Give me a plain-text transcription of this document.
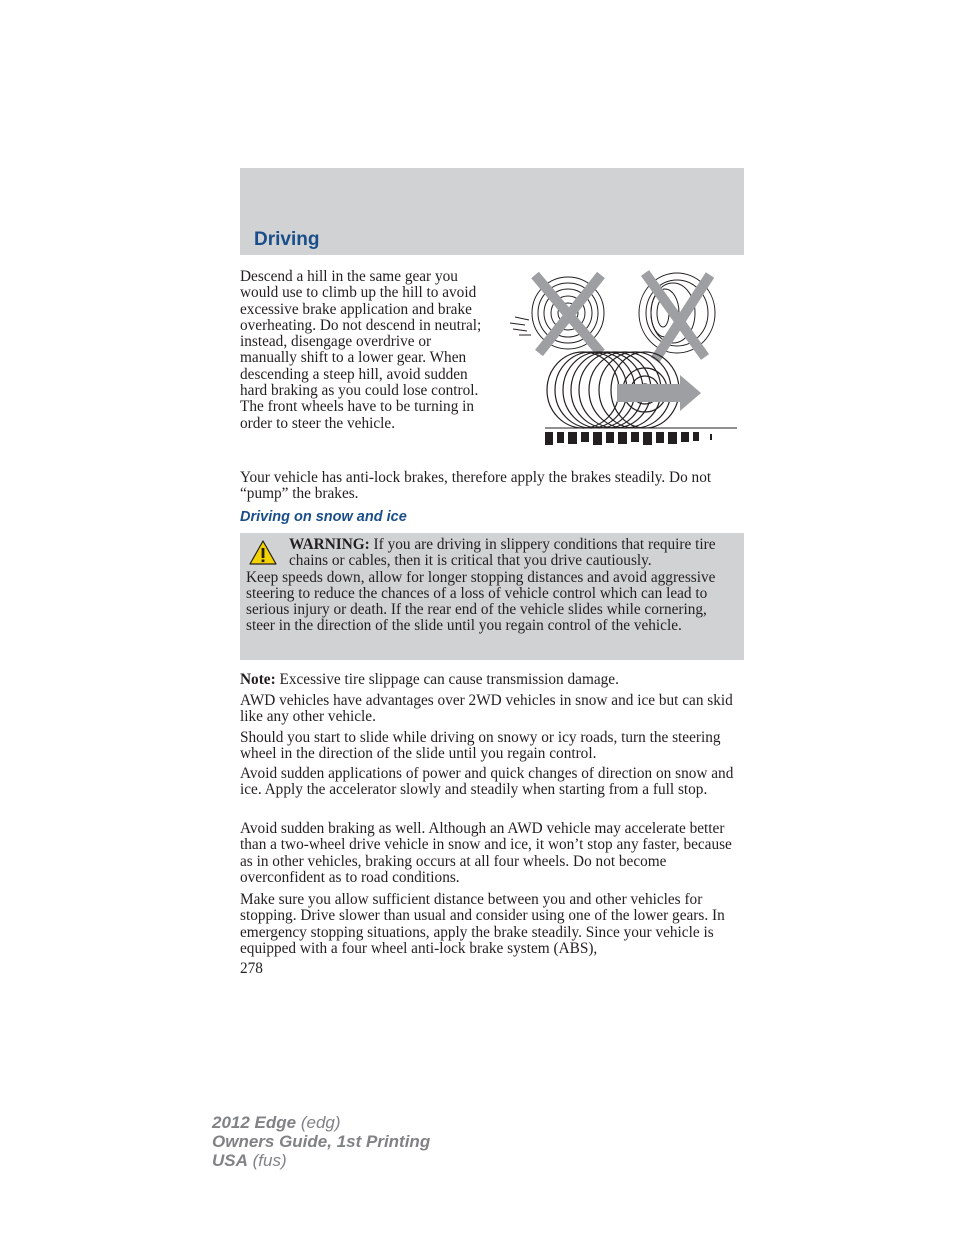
Driving
Descend a hill in the same gear you would use to climb up the hill to avoid excessive brake application and brake overheating. Do not descend in neutral; instead, disengage overdrive or manually shift to a lower gear. When descending a steep hill, avoid sudden hard braking as you could lose control. The front wheels have to be turning in order to steer the vehicle.

Your vehicle has anti-lock brakes, therefore apply the brakes steadily. Do not “pump” the brakes.

Driving on snow and ice
WARNING: If you are driving in slippery conditions that require tire chains or cables, then it is critical that you drive cautiously.
Keep speeds down, allow for longer stopping distances and avoid aggressive steering to reduce the chances of a loss of vehicle control which can lead to serious injury or death. If the rear end of the vehicle slides while cornering, steer in the direction of the slide until you regain control of the vehicle.

Note: Excessive tire slippage can cause transmission damage.

AWD vehicles have advantages over 2WD vehicles in snow and ice but can skid like any other vehicle.

Should you start to slide while driving on snowy or icy roads, turn the steering wheel in the direction of the slide until you regain control.

Avoid sudden applications of power and quick changes of direction on snow and ice. Apply the accelerator slowly and steadily when starting from a full stop.

Avoid sudden braking as well. Although an AWD vehicle may accelerate better than a two-wheel drive vehicle in snow and ice, it won’t stop any faster, because as in other vehicles, braking occurs at all four wheels. Do not become overconfident as to road conditions.

Make sure you allow sufficient distance between you and other vehicles for stopping. Drive slower than usual and consider using one of the lower gears. In emergency stopping situations, apply the brake steadily. Since your vehicle is equipped with a four wheel anti-lock brake system (ABS),

278
2012 Edge (edg)
Owners Guide, 1st Printing
USA (fus)
